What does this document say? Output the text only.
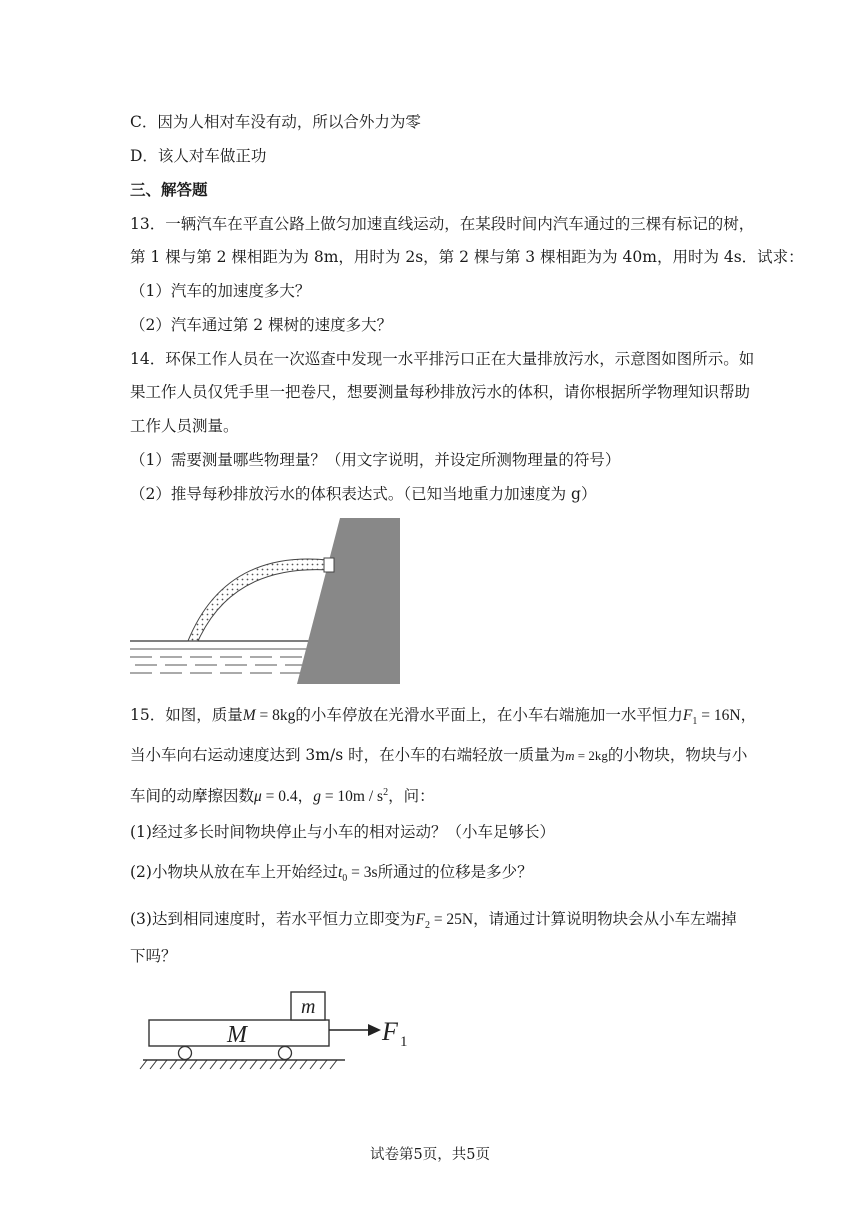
C．因为人相对车没有动，所以合外力为零
D．该人对车做正功
三、解答题
13．一辆汽车在平直公路上做匀加速直线运动，在某段时间内汽车通过的三棵有标记的树，
第 1 棵与第 2 棵相距为为 8m，用时为 2s，第 2 棵与第 3 棵相距为为 40m，用时为 4s．试求：
（1）汽车的加速度多大？
（2）汽车通过第 2 棵树的速度多大？
14．环保工作人员在一次巡查中发现一水平排污口正在大量排放污水，示意图如图所示。如
果工作人员仅凭手里一把卷尺，想要测量每秒排放污水的体积，请你根据所学物理知识帮助
工作人员测量。
（1）需要测量哪些物理量？（用文字说明，并设定所测物理量的符号）
（2）推导每秒排放污水的体积表达式。（已知当地重力加速度为 g）
15．如图，质量M = 8kg的小车停放在光滑水平面上，在小车右端施加一水平恒力$F_1 = 16N$，
当小车向右运动速度达到 3m/s 时，在小车的右端轻放一质量为m = 2kg的小物块，物块与小
车间的动摩擦因数μ = 0.4，$g = 10m / s^2$，问：
(1)经过多长时间物块停止与小车的相对运动？（小车足够长）
(2)小物块从放在车上开始经过$t_0 = 3s$所通过的位移是多少？
(3)达到相同速度时，若水平恒力立即变为$F_2 = 25N$，请通过计算说明物块会从小车左端掉
下吗？
M
m
F 1
试卷第5页，共5页
